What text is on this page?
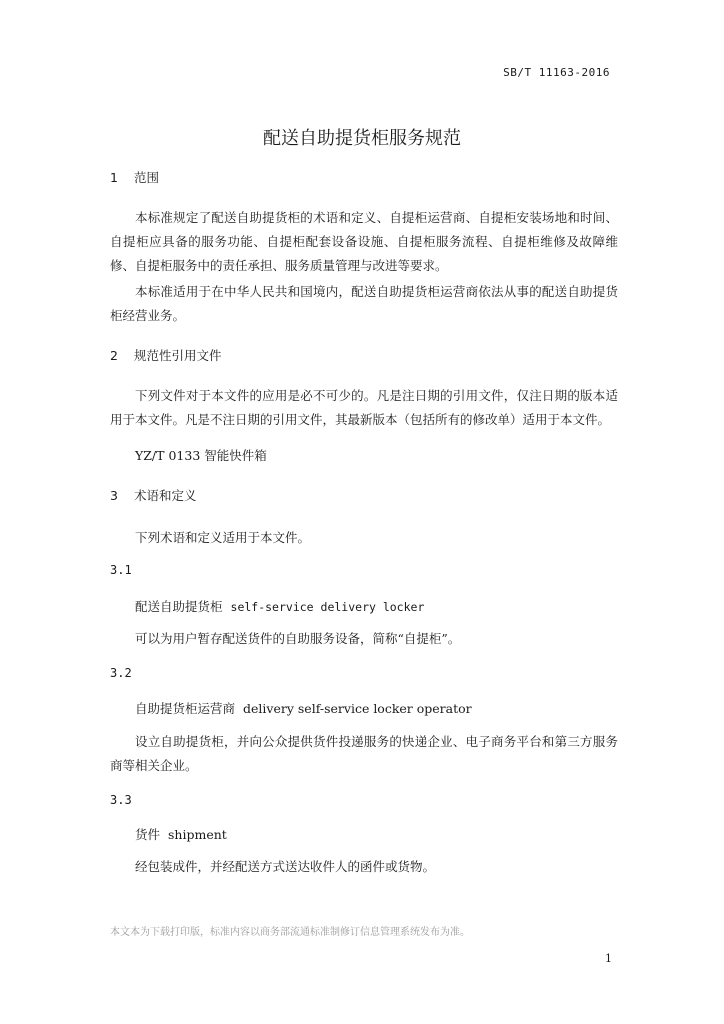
SB/T 11163-2016
配送自助提货柜服务规范
1 范围
本标准规定了配送自助提货柜的术语和定义、自提柜运营商、自提柜安装场地和时间、自提柜应具备的服务功能、自提柜配套设备设施、自提柜服务流程、自提柜维修及故障维修、自提柜服务中的责任承担、服务质量管理与改进等要求。
本标准适用于在中华人民共和国境内，配送自助提货柜运营商依法从事的配送自助提货柜经营业务。
2 规范性引用文件
下列文件对于本文件的应用是必不可少的。凡是注日期的引用文件，仅注日期的版本适用于本文件。凡是不注日期的引用文件，其最新版本（包括所有的修改单）适用于本文件。
YZ/T 0133 智能快件箱
3 术语和定义
下列术语和定义适用于本文件。
3.1
配送自助提货柜 self-service delivery locker
可以为用户暂存配送货件的自助服务设备，简称“自提柜”。
3.2
自助提货柜运营商 delivery self-service locker operator
设立自助提货柜，并向公众提供货件投递服务的快递企业、电子商务平台和第三方服务商等相关企业。
3.3
货件 shipment
经包装成件，并经配送方式送达收件人的函件或货物。
本文本为下载打印版，标准内容以商务部流通标准制修订信息管理系统发布为准。
1
